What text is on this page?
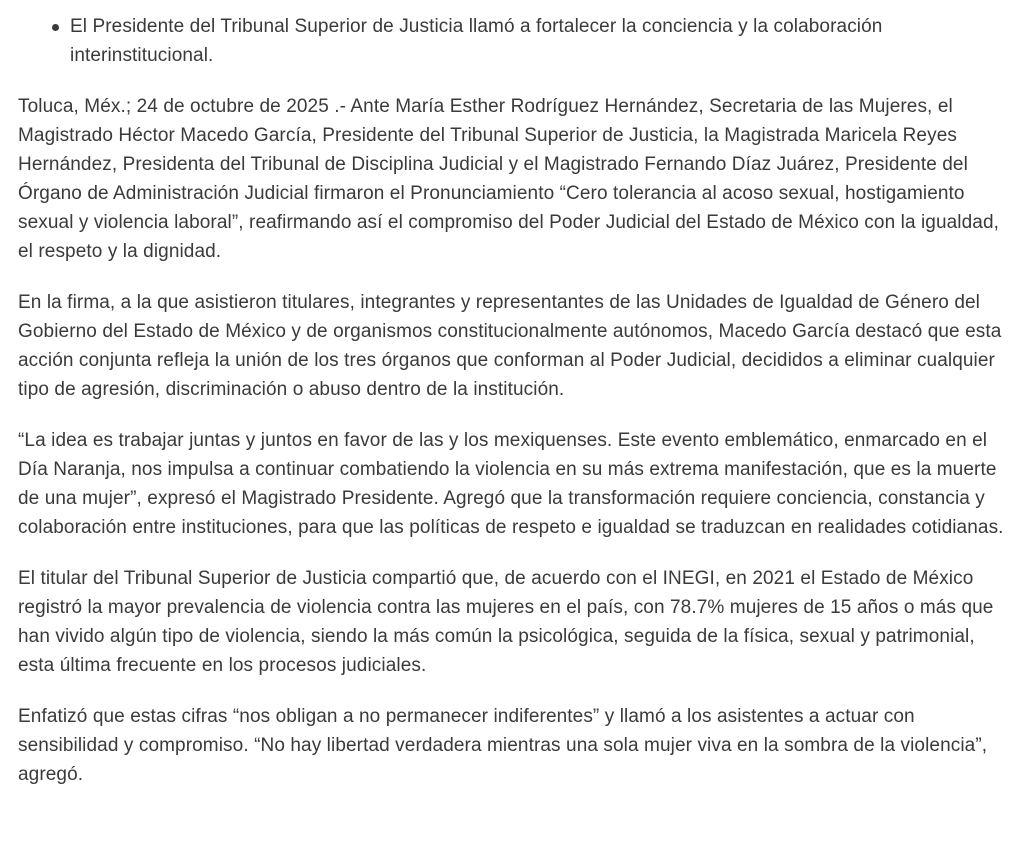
El Presidente del Tribunal Superior de Justicia llamó a fortalecer la conciencia y la colaboración interinstitucional.

Toluca, Méx.; 24 de octubre de 2025 .- Ante María Esther Rodríguez Hernández, Secretaria de las Mujeres, el Magistrado Héctor Macedo García, Presidente del Tribunal Superior de Justicia, la Magistrada Maricela Reyes Hernández, Presidenta del Tribunal de Disciplina Judicial y el Magistrado Fernando Díaz Juárez, Presidente del Órgano de Administración Judicial firmaron el Pronunciamiento “Cero tolerancia al acoso sexual, hostigamiento sexual y violencia laboral”, reafirmando así el compromiso del Poder Judicial del Estado de México con la igualdad, el respeto y la dignidad.

En la firma, a la que asistieron titulares, integrantes y representantes de las Unidades de Igualdad de Género del Gobierno del Estado de México y de organismos constitucionalmente autónomos, Macedo García destacó que esta acción conjunta refleja la unión de los tres órganos que conforman al Poder Judicial, decididos a eliminar cualquier tipo de agresión, discriminación o abuso dentro de la institución.

“La idea es trabajar juntas y juntos en favor de las y los mexiquenses. Este evento emblemático, enmarcado en el Día Naranja, nos impulsa a continuar combatiendo la violencia en su más extrema manifestación, que es la muerte de una mujer”, expresó el Magistrado Presidente. Agregó que la transformación requiere conciencia, constancia y colaboración entre instituciones, para que las políticas de respeto e igualdad se traduzcan en realidades cotidianas.

El titular del Tribunal Superior de Justicia compartió que, de acuerdo con el INEGI, en 2021 el Estado de México registró la mayor prevalencia de violencia contra las mujeres en el país, con 78.7% mujeres de 15 años o más que han vivido algún tipo de violencia, siendo la más común la psicológica, seguida de la física, sexual y patrimonial, esta última frecuente en los procesos judiciales.

Enfatizó que estas cifras “nos obligan a no permanecer indiferentes” y llamó a los asistentes a actuar con sensibilidad y compromiso. “No hay libertad verdadera mientras una sola mujer viva en la sombra de la violencia”, agregó.
